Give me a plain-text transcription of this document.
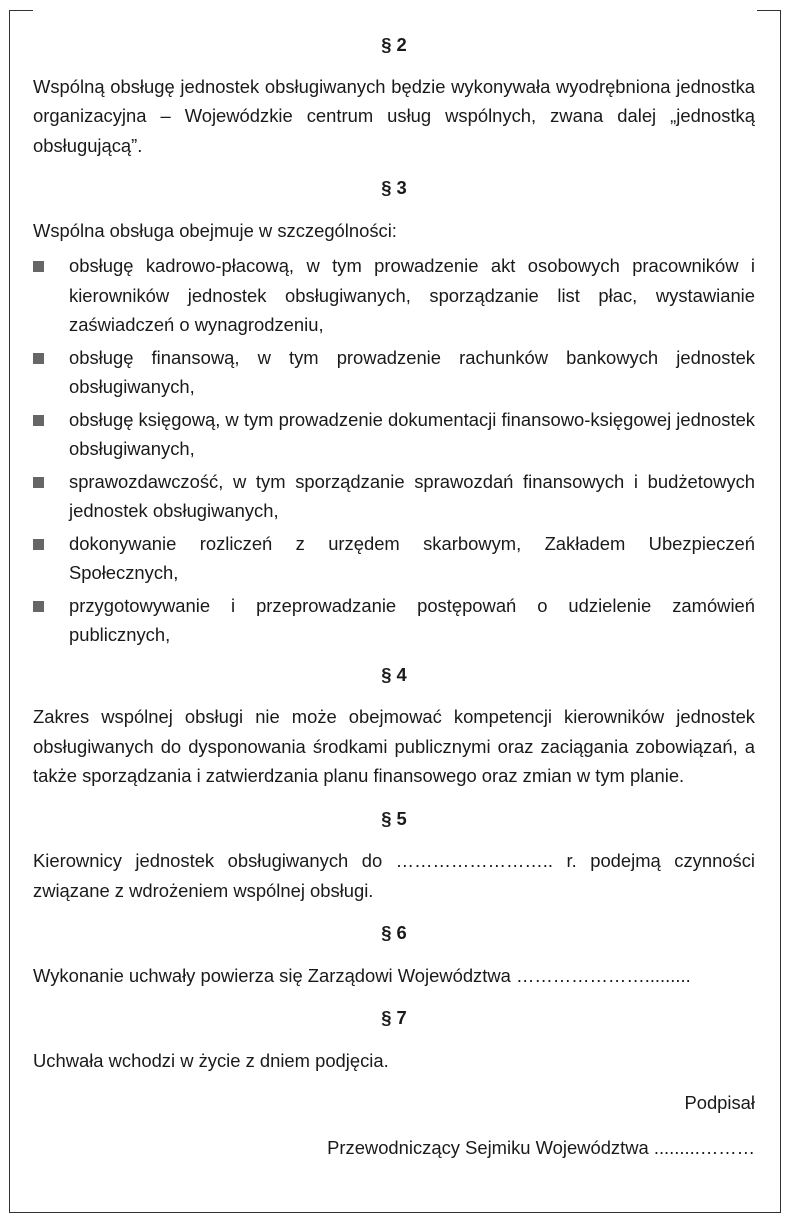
§ 2

Wspólną obsługę jednostek obsługiwanych będzie wykonywała wyodrębniona jednostka organizacyjna – Wojewódzkie centrum usług wspólnych, zwana dalej „jednostką obsługującą”.

§ 3

Wspólna obsługa obejmuje w szczególności:

obsługę kadrowo-płacową, w tym prowadzenie akt osobowych pracowników i kierowników jednostek obsługiwanych, sporządzanie list płac, wystawianie zaświadczeń o wynagrodzeniu,
obsługę finansową, w tym prowadzenie rachunków bankowych jednostek obsługiwanych,
obsługę księgową, w tym prowadzenie dokumentacji finansowo-księgowej jednostek obsługiwanych,
sprawozdawczość, w tym sporządzanie sprawozdań finansowych i budżetowych jednostek obsługiwanych,
dokonywanie rozliczeń z urzędem skarbowym, Zakładem Ubezpieczeń Społecznych,
przygotowywanie i przeprowadzanie postępowań o udzielenie zamówień publicznych,

§ 4

Zakres wspólnej obsługi nie może obejmować kompetencji kierowników jednostek obsługiwanych do dysponowania środkami publicznymi oraz zaciągania zobowiązań, a także sporządzania i zatwierdzania planu finansowego oraz zmian w tym planie.

§ 5

Kierownicy jednostek obsługiwanych do …………………….. r. podejmą czynności związane z wdrożeniem wspólnej obsługi.

§ 6

Wykonanie uchwały powierza się Zarządowi Województwa ………………….........

§ 7

Uchwała wchodzi w życie z dniem podjęcia.

Podpisał

Przewodniczący Sejmiku Województwa .........………
